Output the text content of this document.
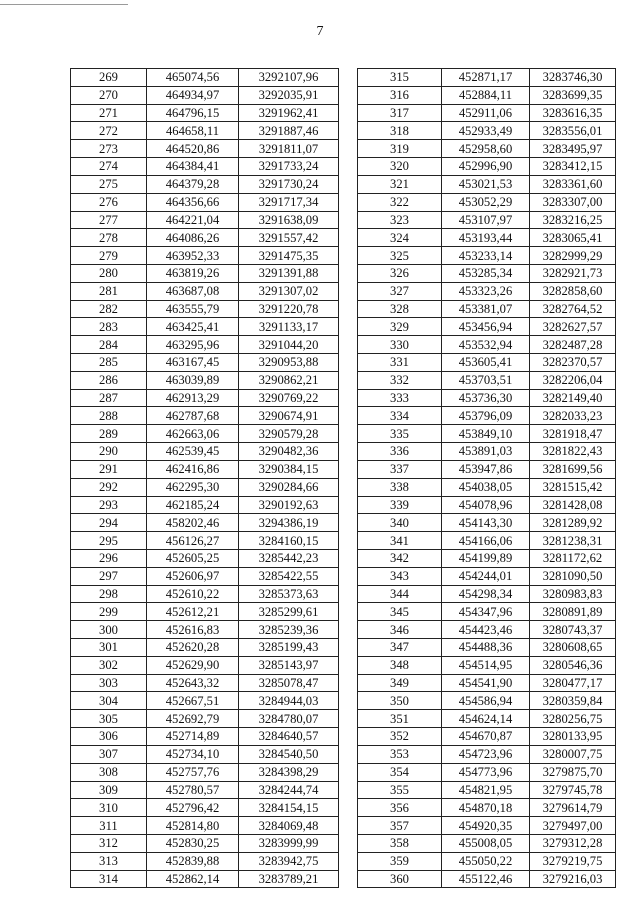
7
269	465074,56	3292107,96
270	464934,97	3292035,91
271	464796,15	3291962,41
272	464658,11	3291887,46
273	464520,86	3291811,07
274	464384,41	3291733,24
275	464379,28	3291730,24
276	464356,66	3291717,34
277	464221,04	3291638,09
278	464086,26	3291557,42
279	463952,33	3291475,35
280	463819,26	3291391,88
281	463687,08	3291307,02
282	463555,79	3291220,78
283	463425,41	3291133,17
284	463295,96	3291044,20
285	463167,45	3290953,88
286	463039,89	3290862,21
287	462913,29	3290769,22
288	462787,68	3290674,91
289	462663,06	3290579,28
290	462539,45	3290482,36
291	462416,86	3290384,15
292	462295,30	3290284,66
293	462185,24	3290192,63
294	458202,46	3294386,19
295	456126,27	3284160,15
296	452605,25	3285442,23
297	452606,97	3285422,55
298	452610,22	3285373,63
299	452612,21	3285299,61
300	452616,83	3285239,36
301	452620,28	3285199,43
302	452629,90	3285143,97
303	452643,32	3285078,47
304	452667,51	3284944,03
305	452692,79	3284780,07
306	452714,89	3284640,57
307	452734,10	3284540,50
308	452757,76	3284398,29
309	452780,57	3284244,74
310	452796,42	3284154,15
311	452814,80	3284069,48
312	452830,25	3283999,99
313	452839,88	3283942,75
314	452862,14	3283789,21
315	452871,17	3283746,30
316	452884,11	3283699,35
317	452911,06	3283616,35
318	452933,49	3283556,01
319	452958,60	3283495,97
320	452996,90	3283412,15
321	453021,53	3283361,60
322	453052,29	3283307,00
323	453107,97	3283216,25
324	453193,44	3283065,41
325	453233,14	3282999,29
326	453285,34	3282921,73
327	453323,26	3282858,60
328	453381,07	3282764,52
329	453456,94	3282627,57
330	453532,94	3282487,28
331	453605,41	3282370,57
332	453703,51	3282206,04
333	453736,30	3282149,40
334	453796,09	3282033,23
335	453849,10	3281918,47
336	453891,03	3281822,43
337	453947,86	3281699,56
338	454038,05	3281515,42
339	454078,96	3281428,08
340	454143,30	3281289,92
341	454166,06	3281238,31
342	454199,89	3281172,62
343	454244,01	3281090,50
344	454298,34	3280983,83
345	454347,96	3280891,89
346	454423,46	3280743,37
347	454488,36	3280608,65
348	454514,95	3280546,36
349	454541,90	3280477,17
350	454586,94	3280359,84
351	454624,14	3280256,75
352	454670,87	3280133,95
353	454723,96	3280007,75
354	454773,96	3279875,70
355	454821,95	3279745,78
356	454870,18	3279614,79
357	454920,35	3279497,00
358	455008,05	3279312,28
359	455050,22	3279219,75
360	455122,46	3279216,03
